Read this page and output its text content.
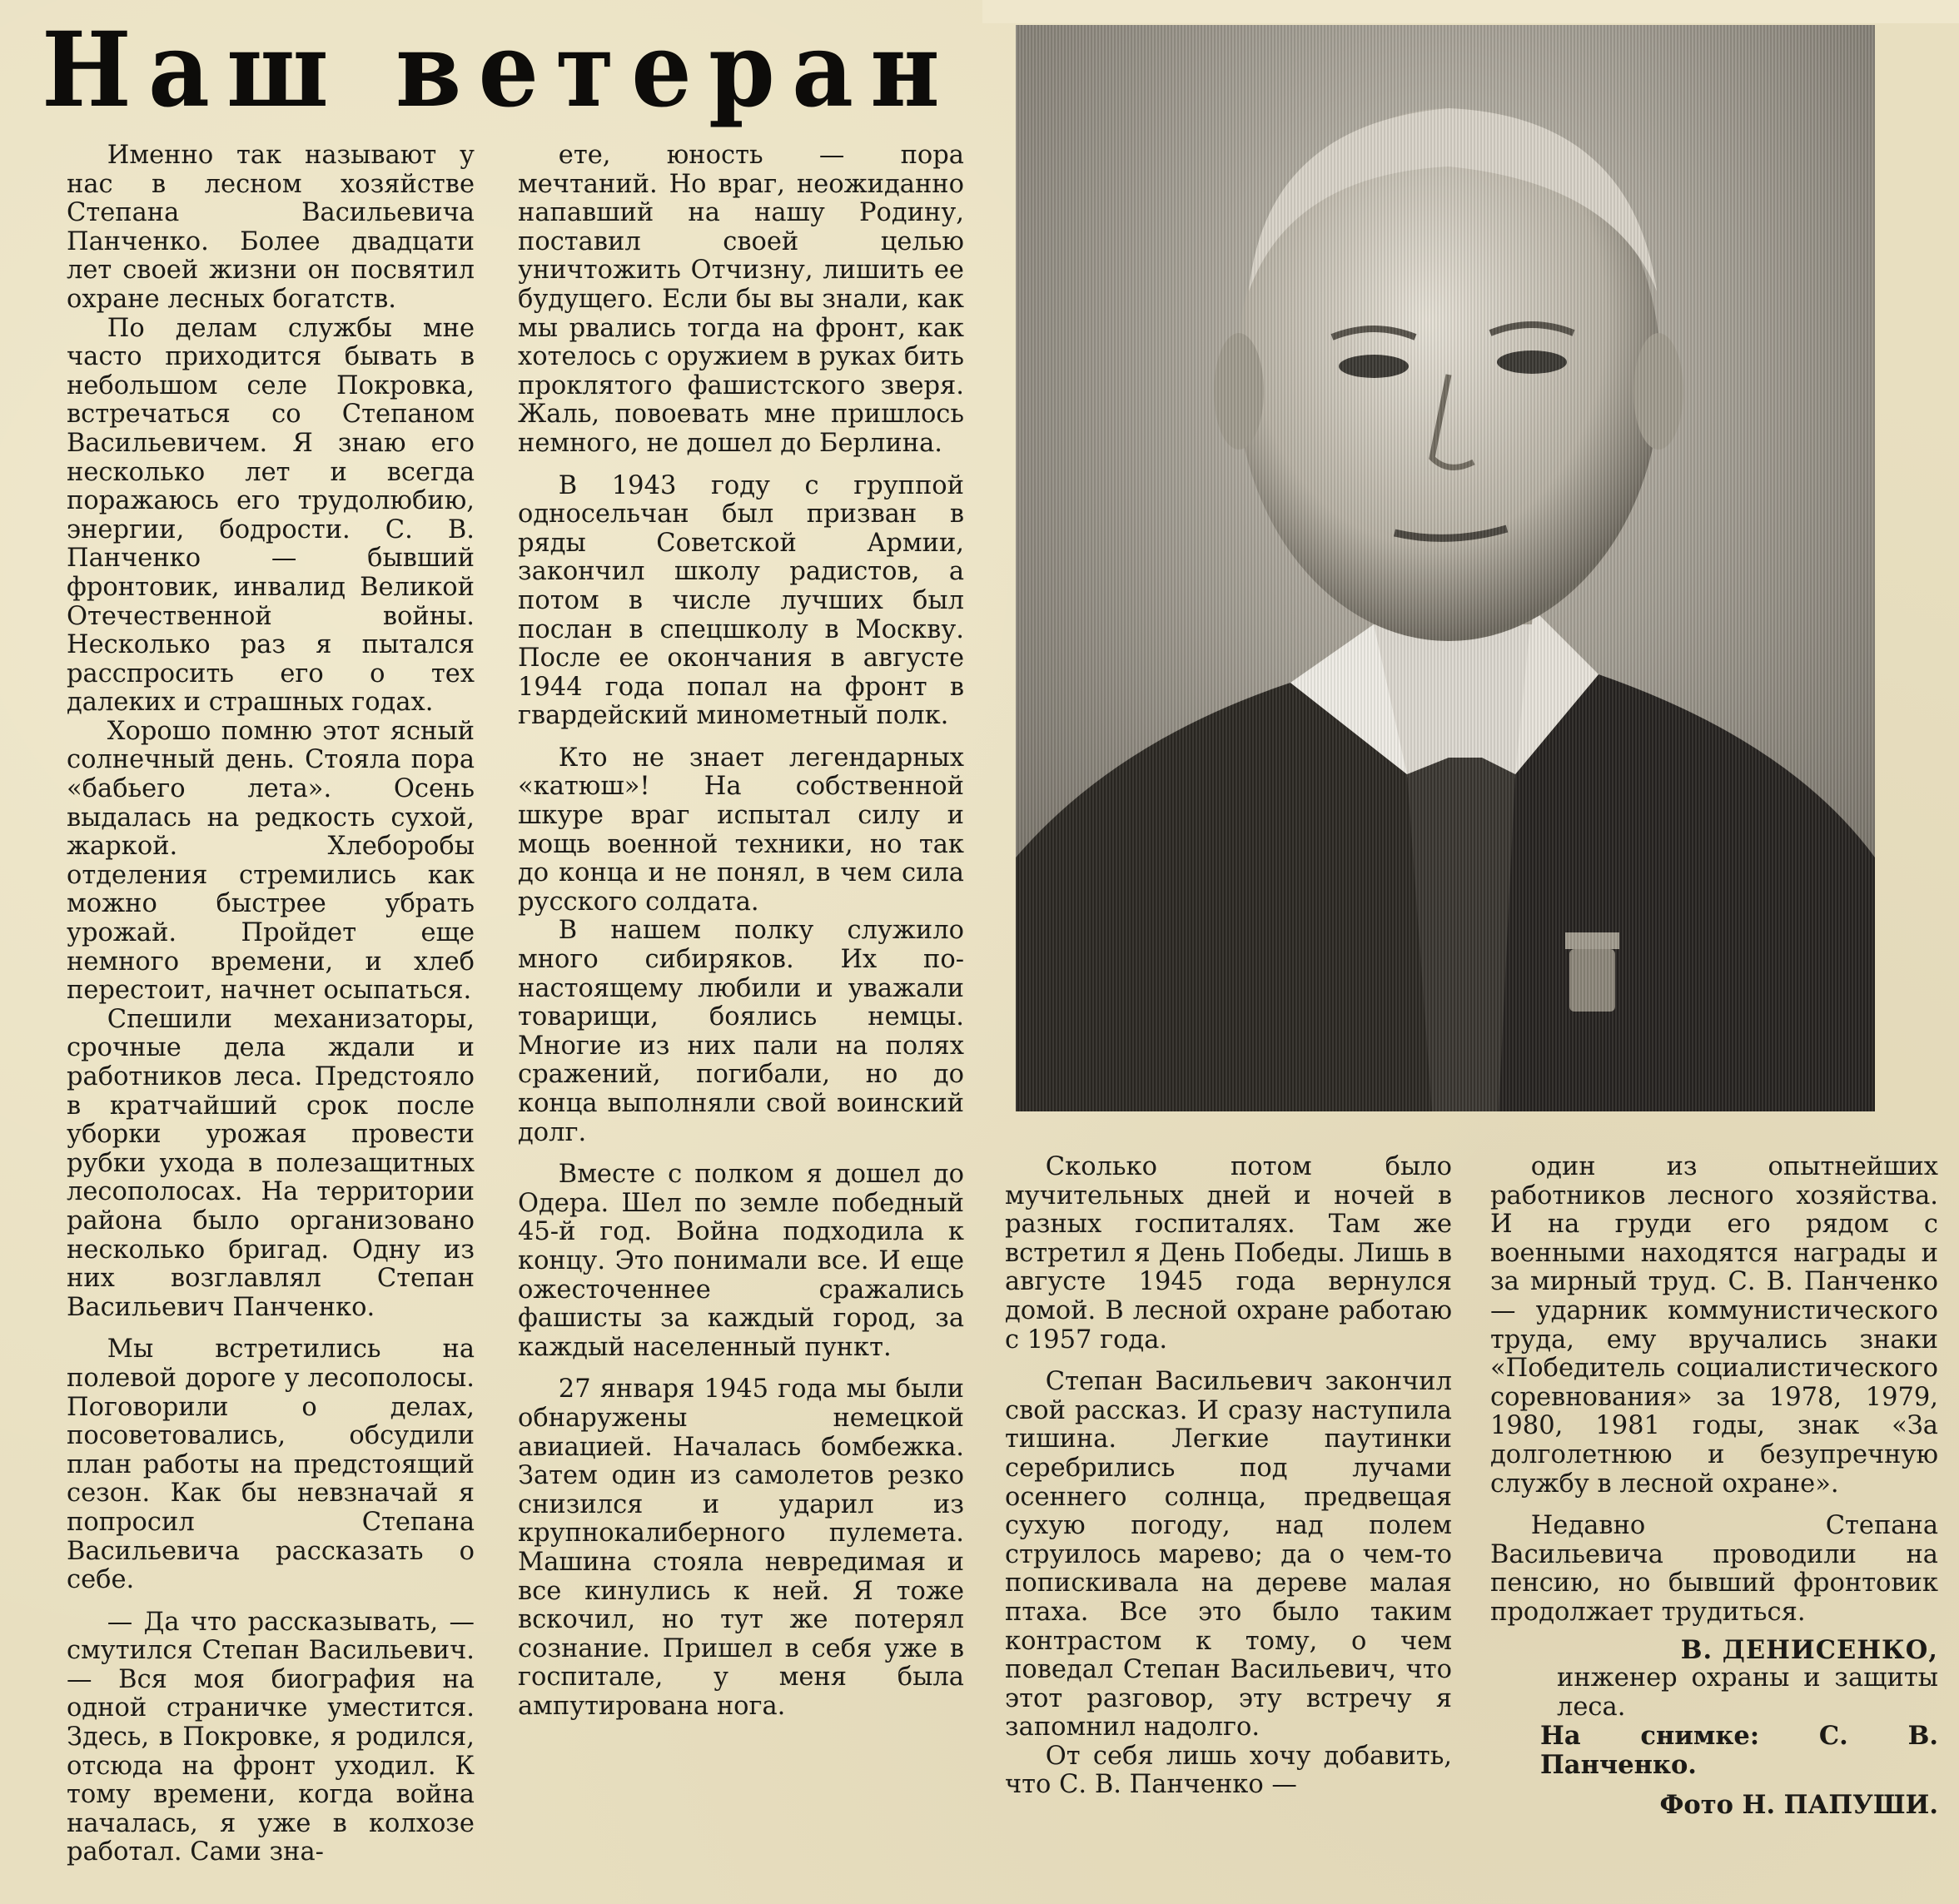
Наш ветеран

Именно так называют у нас в лесном хозяйстве Степана Васильевича Панченко. Более двадцати лет своей жизни он посвятил охране лесных богатств.

По делам службы мне часто приходится бывать в небольшом селе Покровка, встречаться со Степаном Васильевичем. Я знаю его несколько лет и всегда поражаюсь его трудолюбию, энергии, бодрости. С. В. Панченко — бывший фронтовик, инвалид Великой Отечественной войны. Несколько раз я пытался расспросить его о тех далеких и страшных годах.

Хорошо помню этот ясный солнечный день. Стояла пора «бабьего лета». Осень выдалась на редкость сухой, жаркой. Хлеборобы отделения стремились как можно быстрее убрать урожай. Пройдет еще немного времени, и хлеб перестоит, начнет осыпаться.

Спешили механизаторы, срочные дела ждали и работников леса. Предстояло в кратчайший срок после уборки урожая провести рубки ухода в полезащитных лесополосах. На территории района было организовано несколько бригад. Одну из них возглавлял Степан Васильевич Панченко.

Мы встретились на полевой дороге у лесополосы. Поговорили о делах, посоветовались, обсудили план работы на предстоящий сезон. Как бы невзначай я попросил Степана Васильевича рассказать о себе.

— Да что рассказывать, — смутился Степан Васильевич. — Вся моя биография на одной страничке уместится. Здесь, в Покровке, я родился, отсюда на фронт уходил. К тому времени, когда война началась, я уже в колхозе работал. Сами зна-

ете, юность — пора мечтаний. Но враг, неожиданно напавший на нашу Родину, поставил своей целью уничтожить Отчизну, лишить ее будущего. Если бы вы знали, как мы рвались тогда на фронт, как хотелось с оружием в руках бить проклятого фашистского зверя. Жаль, повоевать мне пришлось немного, не дошел до Берлина.

В 1943 году с группой односельчан был призван в ряды Советской Армии, закончил школу радистов, а потом в числе лучших был послан в спецшколу в Москву. После ее окончания в августе 1944 года попал на фронт в гвардейский минометный полк.

Кто не знает легендарных «катюш»! На собственной шкуре враг испытал силу и мощь военной техники, но так до конца и не понял, в чем сила русского солдата.

В нашем полку служило много сибиряков. Их по-настоящему любили и уважали товарищи, боялись немцы. Многие из них пали на полях сражений, погибали, но до конца выполняли свой воинский долг.

Вместе с полком я дошел до Одера. Шел по земле победный 45-й год. Война подходила к концу. Это понимали все. И еще ожесточеннее сражались фашисты за каждый город, за каждый населенный пункт.

27 января 1945 года мы были обнаружены немецкой авиацией. Началась бомбежка. Затем один из самолетов резко снизился и ударил из крупнокалиберного пулемета. Машина стояла невредимая и все кинулись к ней. Я тоже вскочил, но тут же потерял сознание. Пришел в себя уже в госпитале, у меня была ампутирована нога.

Сколько потом было мучительных дней и ночей в разных госпиталях. Там же встретил я День Победы. Лишь в августе 1945 года вернулся домой. В лесной охране работаю с 1957 года.

Степан Васильевич закончил свой рассказ. И сразу наступила тишина. Легкие паутинки серебрились под лучами осеннего солнца, предвещая сухую погоду, над полем струилось марево; да о чем-то попискивала на дереве малая птаха. Все это было таким контрастом к тому, о чем поведал Степан Васильевич, что этот разговор, эту встречу я запомнил надолго.

От себя лишь хочу добавить, что С. В. Панченко —

один из опытнейших работников лесного хозяйства. И на груди его рядом с военными находятся награды и за мирный труд. С. В. Панченко — ударник коммунистического труда, ему вручались знаки «Победитель социалистического соревнования» за 1978, 1979, 1980, 1981 годы, знак «За долголетнюю и безупречную службу в лесной охране».

Недавно Степана Васильевича проводили на пенсию, но бывший фронтовик продолжает трудиться.

В. ДЕНИСЕНКО,
инженер охраны и защиты леса.
На снимке: С. В. Панченко.
Фото Н. ПАПУШИ.
